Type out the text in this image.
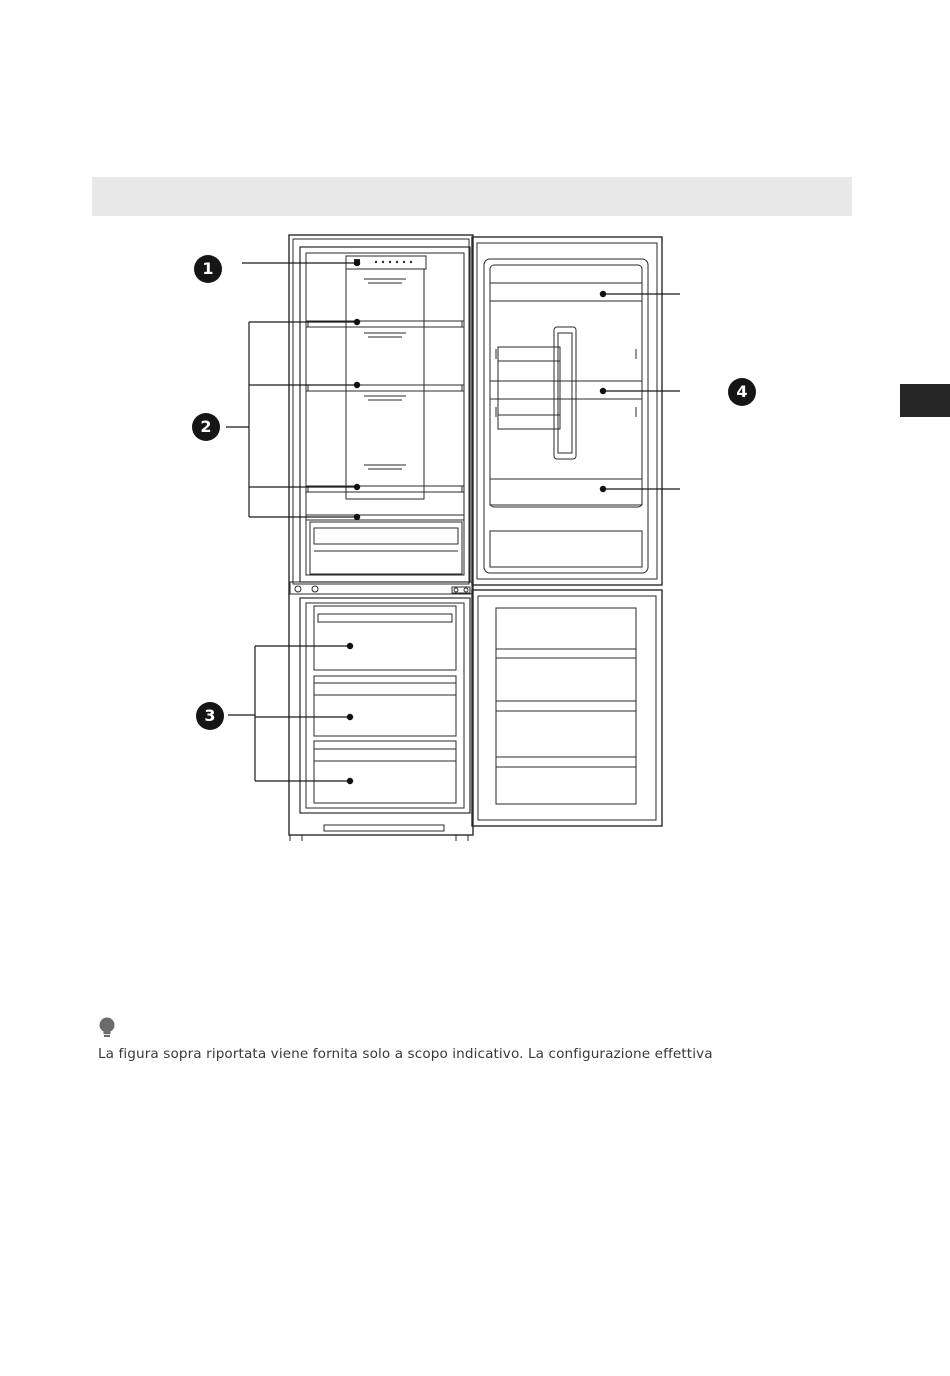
1
2
3
4
La figura sopra riportata viene fornita solo a scopo indicativo. La configurazione effettiva
